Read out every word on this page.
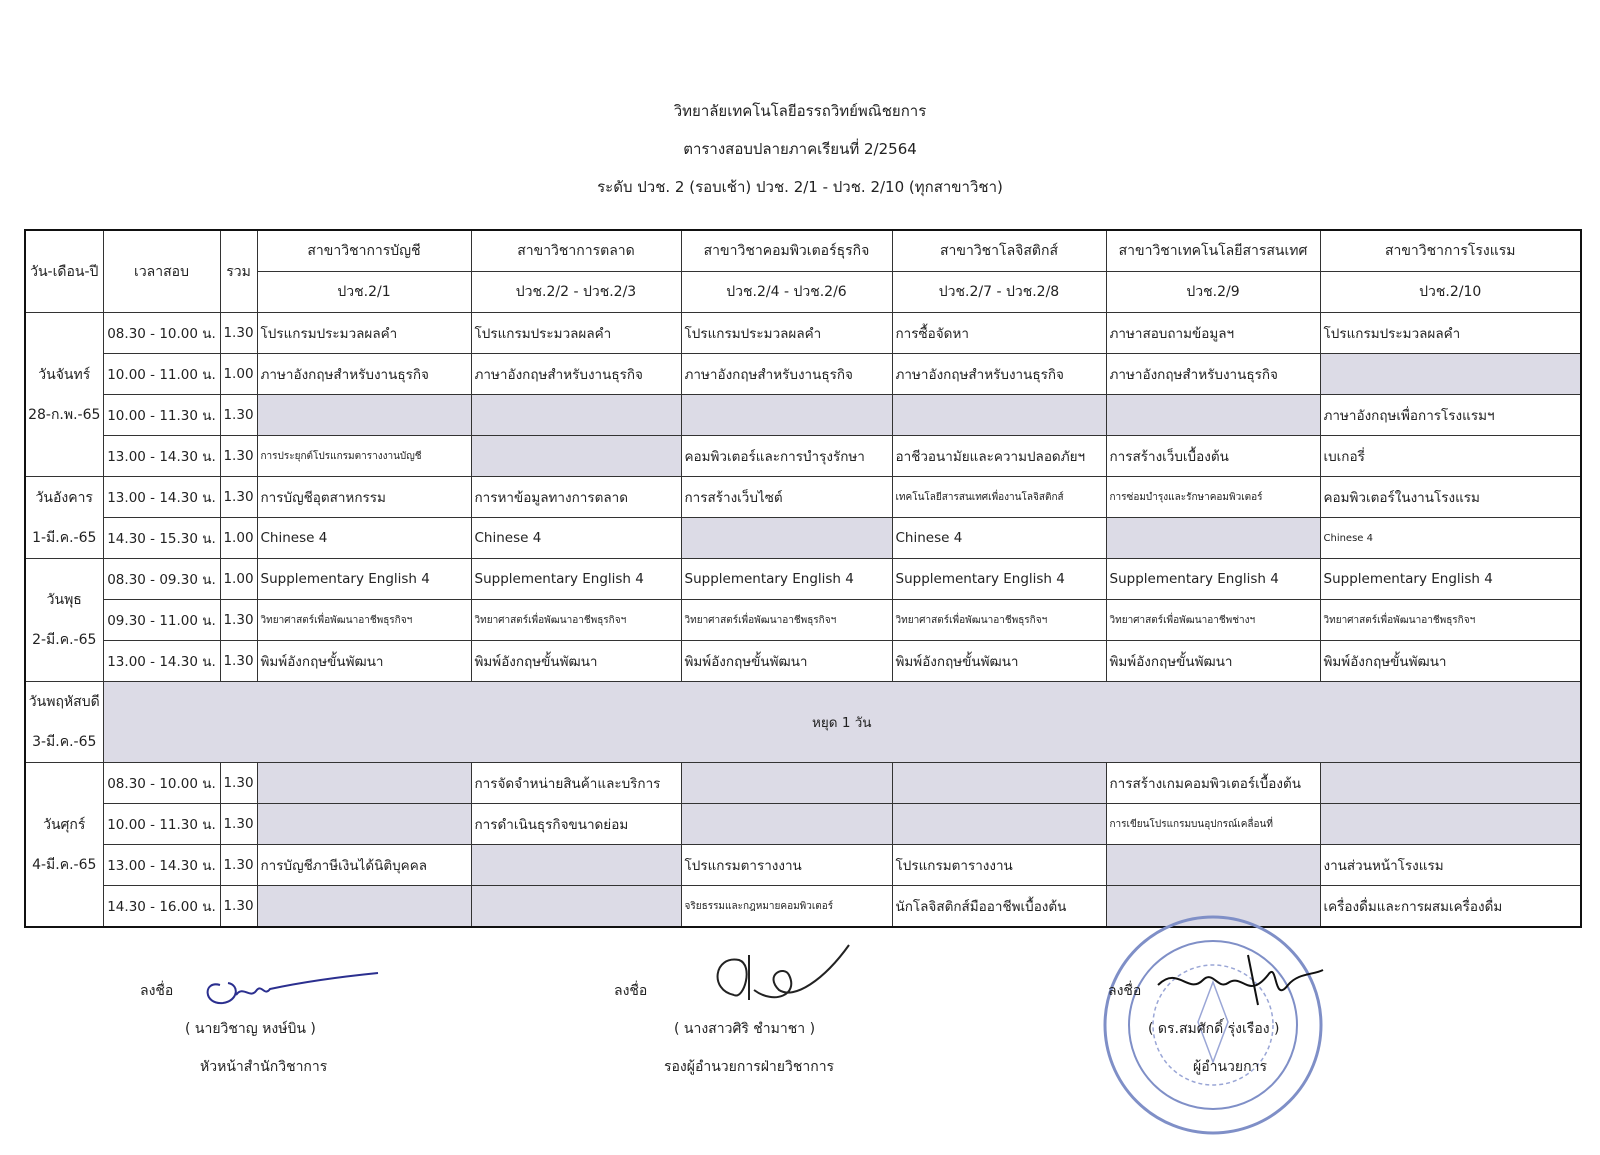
วิทยาลัยเทคโนโลยีอรรถวิทย์พณิชยการ
ตารางสอบปลายภาคเรียนที่ 2/2564
ระดับ ปวช. 2 (รอบเช้า) ปวช. 2/1 - ปวช. 2/10 (ทุกสาขาวิชา)
วัน-เดือน-ปี	เวลาสอบ	รวม	สาขาวิชาการบัญชี	สาขาวิชาการตลาด	สาขาวิชาคอมพิวเตอร์ธุรกิจ	สาขาวิชาโลจิสติกส์	สาขาวิชาเทคโนโลยีสารสนเทศ	สาขาวิชาการโรงแรม
			ปวช.2/1	ปวช.2/2 - ปวช.2/3	ปวช.2/4 - ปวช.2/6	ปวช.2/7 - ปวช.2/8	ปวช.2/9	ปวช.2/10

วันจันทร์
28-ก.พ.-65	08.30 - 10.00 น.	1.30	โปรแกรมประมวลผลคำ	โปรแกรมประมวลผลคำ	โปรแกรมประมวลผลคำ	การซื้อจัดหา	ภาษาสอบถามข้อมูลฯ	โปรแกรมประมวลผลคำ
	10.00 - 11.00 น.	1.00	ภาษาอังกฤษสำหรับงานธุรกิจ	ภาษาอังกฤษสำหรับงานธุรกิจ	ภาษาอังกฤษสำหรับงานธุรกิจ	ภาษาอังกฤษสำหรับงานธุรกิจ	ภาษาอังกฤษสำหรับงานธุรกิจ	
	10.00 - 11.30 น.	1.30						ภาษาอังกฤษเพื่อการโรงแรมฯ
	13.00 - 14.30 น.	1.30	การประยุกต์โปรแกรมตารางงานบัญชี		คอมพิวเตอร์และการบำรุงรักษา	อาชีวอนามัยและความปลอดภัยฯ	การสร้างเว็บเบื้องต้น	เบเกอรี่

วันอังคาร
1-มี.ค.-65	13.00 - 14.30 น.	1.30	การบัญชีอุตสาหกรรม	การหาข้อมูลทางการตลาด	การสร้างเว็บไซต์	เทคโนโลยีสารสนเทศเพื่องานโลจิสติกส์	การซ่อมบำรุงและรักษาคอมพิวเตอร์	คอมพิวเตอร์ในงานโรงแรม
	14.30 - 15.30 น.	1.00	Chinese 4	Chinese 4		Chinese 4		Chinese 4

วันพุธ
2-มี.ค.-65	08.30 - 09.30 น.	1.00	Supplementary English 4	Supplementary English 4	Supplementary English 4	Supplementary English 4	Supplementary English 4	Supplementary English 4
	09.30 - 11.00 น.	1.30	วิทยาศาสตร์เพื่อพัฒนาอาชีพธุรกิจฯ	วิทยาศาสตร์เพื่อพัฒนาอาชีพธุรกิจฯ	วิทยาศาสตร์เพื่อพัฒนาอาชีพธุรกิจฯ	วิทยาศาสตร์เพื่อพัฒนาอาชีพธุรกิจฯ	วิทยาศาสตร์เพื่อพัฒนาอาชีพช่างฯ	วิทยาศาสตร์เพื่อพัฒนาอาชีพธุรกิจฯ
	13.00 - 14.30 น.	1.30	พิมพ์อังกฤษขั้นพัฒนา	พิมพ์อังกฤษขั้นพัฒนา	พิมพ์อังกฤษขั้นพัฒนา	พิมพ์อังกฤษขั้นพัฒนา	พิมพ์อังกฤษขั้นพัฒนา	พิมพ์อังกฤษขั้นพัฒนา

วันพฤหัสบดี
3-มี.ค.-65	หยุด 1 วัน							

วันศุกร์
4-มี.ค.-65	08.30 - 10.00 น.	1.30		การจัดจำหน่ายสินค้าและบริการ			การสร้างเกมคอมพิวเตอร์เบื้องต้น	
	10.00 - 11.30 น.	1.30		การดำเนินธุรกิจขนาดย่อม			การเขียนโปรแกรมบนอุปกรณ์เคลื่อนที่	
	13.00 - 14.30 น.	1.30	การบัญชีภาษีเงินได้นิติบุคคล		โปรแกรมตารางงาน	โปรแกรมตารางงาน		งานส่วนหน้าโรงแรม
	14.30 - 16.00 น.	1.30			จริยธรรมและกฎหมายคอมพิวเตอร์	นักโลจิสติกส์มืออาชีพเบื้องต้น		เครื่องดื่มและการผสมเครื่องดื่ม
ลงชื่อ
( นายวิชาญ หงษ์บิน )
หัวหน้าสำนักวิชาการ
ลงชื่อ
( นางสาวศิริ ชำมาชา )
รองผู้อำนวยการฝ่ายวิชาการ
ลงชื่อ
( ดร.สมศักดิ์ รุ่งเรือง )
ผู้อำนวยการ
